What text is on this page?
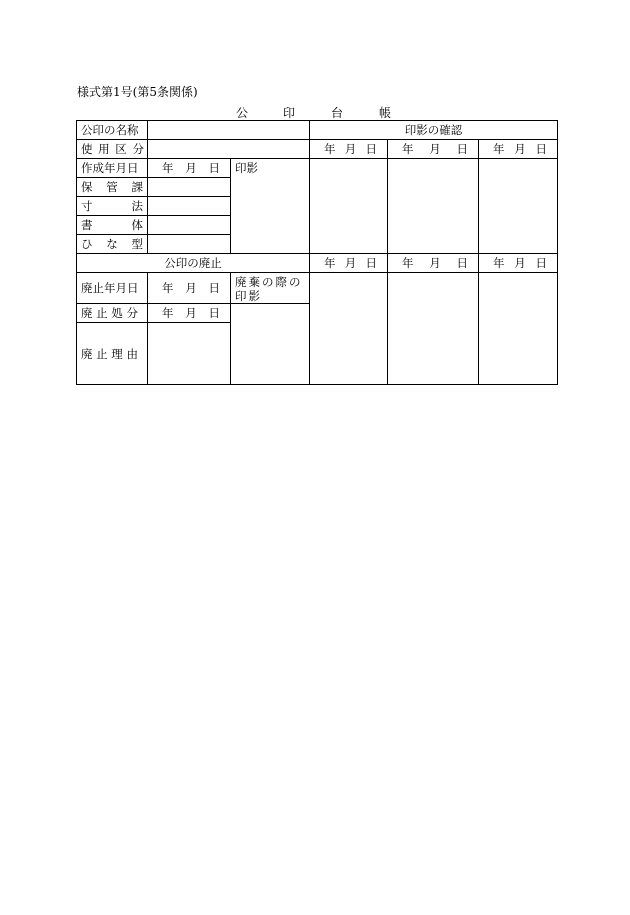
様式第1号(第5条関係)
公	印	台	帳
公印の名称			印影の確認		
使 用 区 分			年 月 日	年 月 日	年 月 日

作成年月日	年 月 日	印影			

保 管 課					

寸 法					

書 体					

ひ な 型					

公印の廃止			年 月 日	年 月 日	年 月 日

廃止年月日	年 月 日	廃棄の際の印影			
廃 止 処 分	年 月 日				

廃 止 理 由					
